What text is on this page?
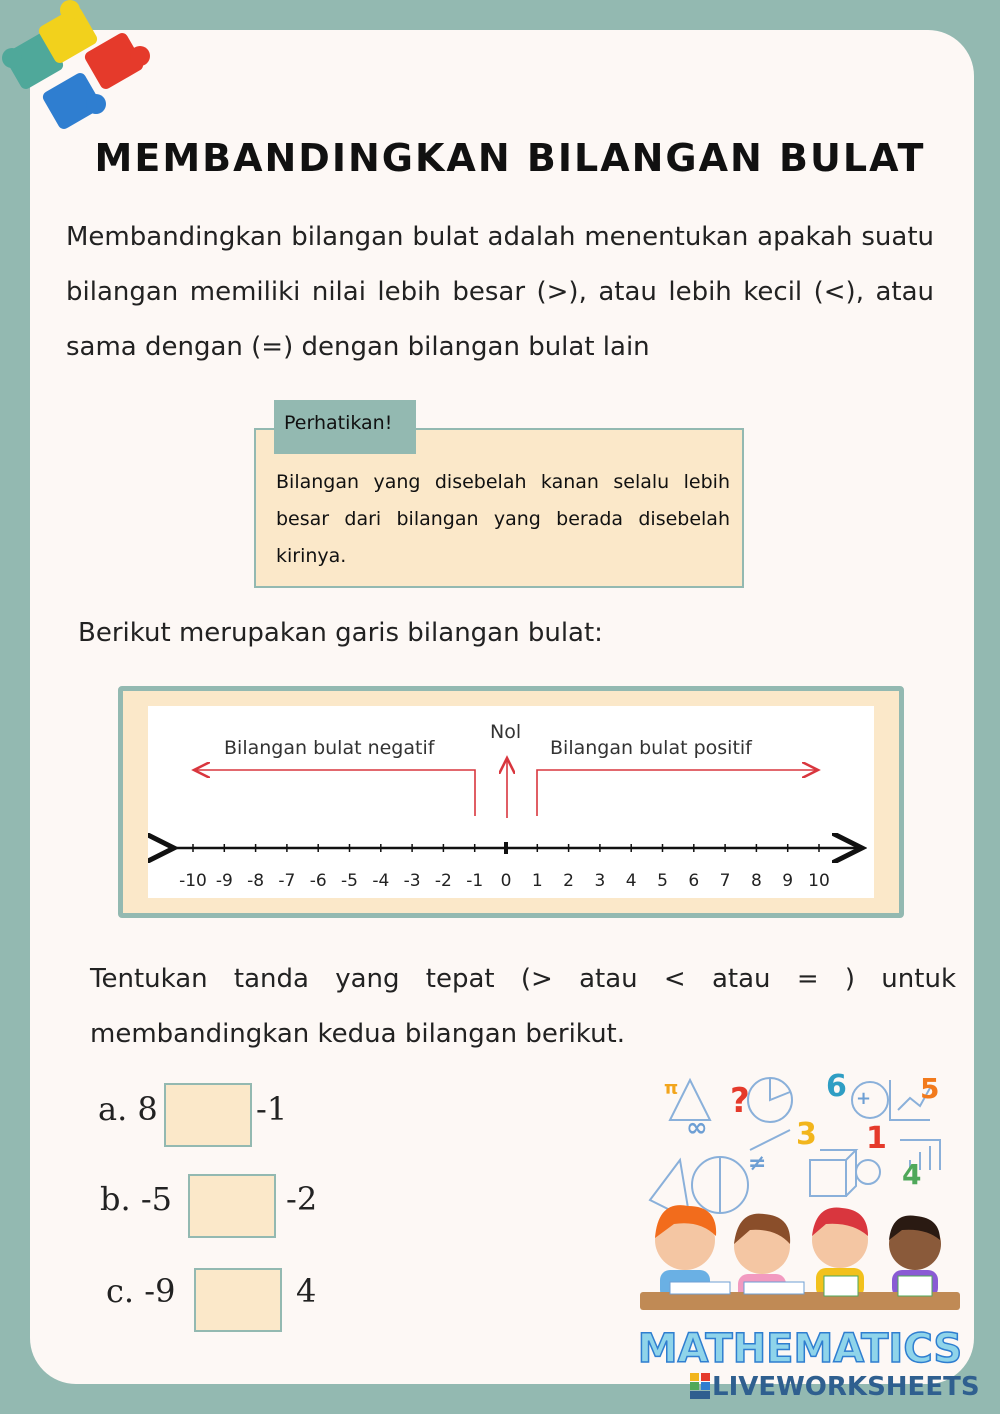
MEMBANDINGKAN BILANGAN BULAT
Membandingkan bilangan bulat adalah menentukan apakah suatu bilangan memiliki nilai lebih besar (>), atau lebih kecil (<), atau sama dengan (=) dengan bilangan bulat lain
Perhatikan!
Bilangan yang disebelah kanan selalu lebih besar dari bilangan yang berada disebelah kirinya.
Berikut merupakan garis bilangan bulat:
Bilangan bulat negatif
Nol
Bilangan bulat positif
-10 -9 -8 -7 -6 -5 -4 -3 -2 -1 0 1 2 3 4 5 6 7 8 9 10
Tentukan tanda yang tepat (> atau < atau = ) untuk membandingkan kedua bilangan berikut.
a. 8	-1
b. -5	-2
c. -9	4
π ?	6	5
3 1
4
∞
≠
+
MATHEMATICS
LIVEWORKSHEETS
